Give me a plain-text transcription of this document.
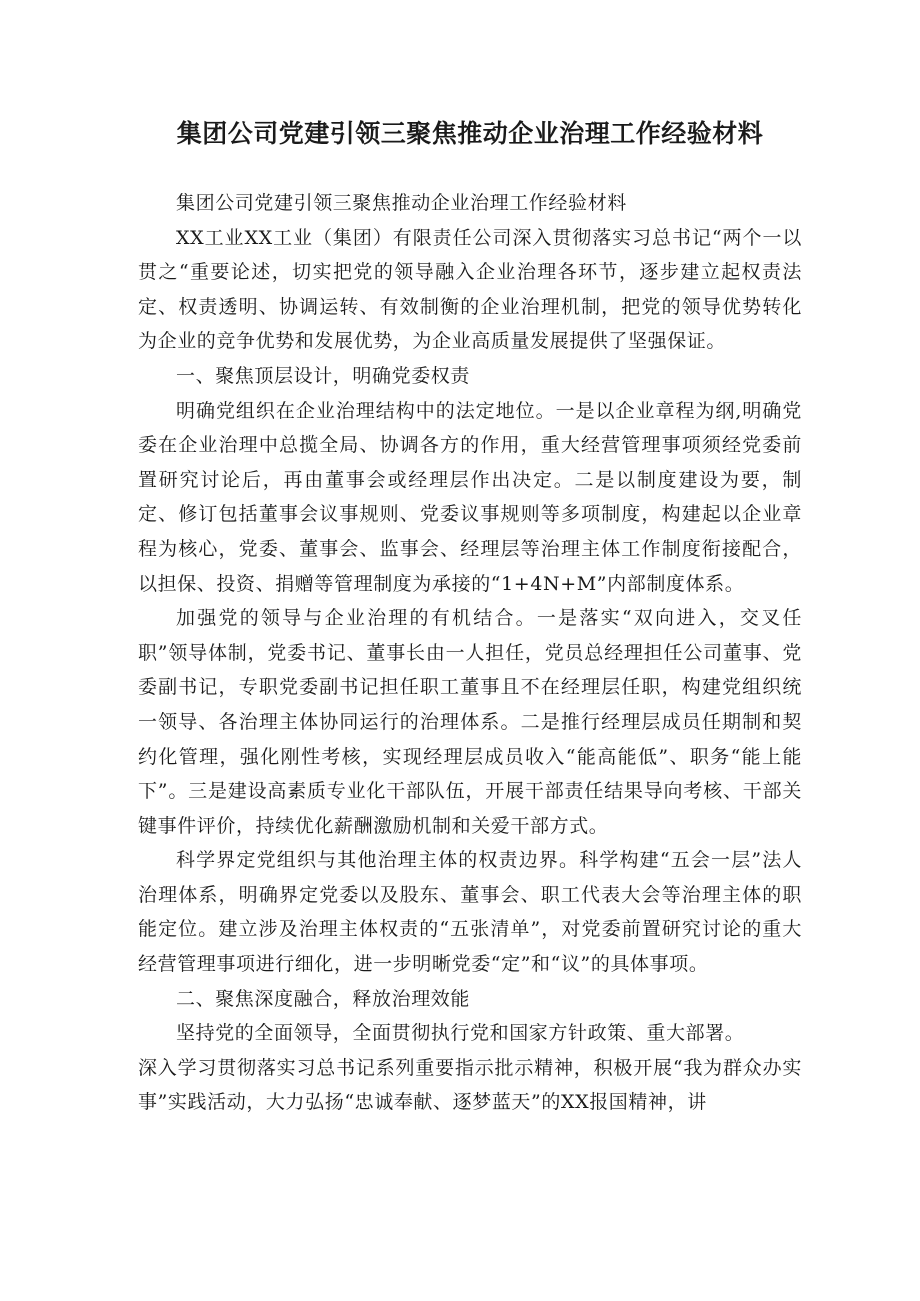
集团公司党建引领三聚焦推动企业治理工作经验材料

集团公司党建引领三聚焦推动企业治理工作经验材料

XX工业XX工业（集团）有限责任公司深入贯彻落实习总书记“两个一以贯之“重要论述，切实把党的领导融入企业治理各环节，逐步建立起权责法定、权责透明、协调运转、有效制衡的企业治理机制，把党的领导优势转化为企业的竞争优势和发展优势，为企业高质量发展提供了坚强保证。

一、聚焦顶层设计，明确党委权责

明确党组织在企业治理结构中的法定地位。一是以企业章程为纲,明确党委在企业治理中总揽全局、协调各方的作用，重大经营管理事项须经党委前置研究讨论后，再由董事会或经理层作出决定。二是以制度建设为要，制定、修订包括董事会议事规则、党委议事规则等多项制度，构建起以企业章程为核心，党委、董事会、监事会、经理层等治理主体工作制度衔接配合，以担保、投资、捐赠等管理制度为承接的“1+4N+M”内部制度体系。

加强党的领导与企业治理的有机结合。一是落实“双向进入，交叉任职”领导体制，党委书记、董事长由一人担任，党员总经理担任公司董事、党委副书记，专职党委副书记担任职工董事且不在经理层任职，构建党组织统一领导、各治理主体协同运行的治理体系。二是推行经理层成员任期制和契约化管理，强化刚性考核，实现经理层成员收入“能高能低”、职务“能上能下”。三是建设高素质专业化干部队伍，开展干部责任结果导向考核、干部关键事件评价，持续优化薪酬激励机制和关爱干部方式。

科学界定党组织与其他治理主体的权责边界。科学构建“五会一层”法人治理体系，明确界定党委以及股东、董事会、职工代表大会等治理主体的职能定位。建立涉及治理主体权责的“五张清单”，对党委前置研究讨论的重大经营管理事项进行细化，进一步明晰党委“定”和“议”的具体事项。

二、聚焦深度融合，释放治理效能

坚持党的全面领导，全面贯彻执行党和国家方针政策、重大部署。

深入学习贯彻落实习总书记系列重要指示批示精神，积极开展“我为群众办实事”实践活动，大力弘扬“忠诚奉献、逐梦蓝天”的XX报国精神，讲
